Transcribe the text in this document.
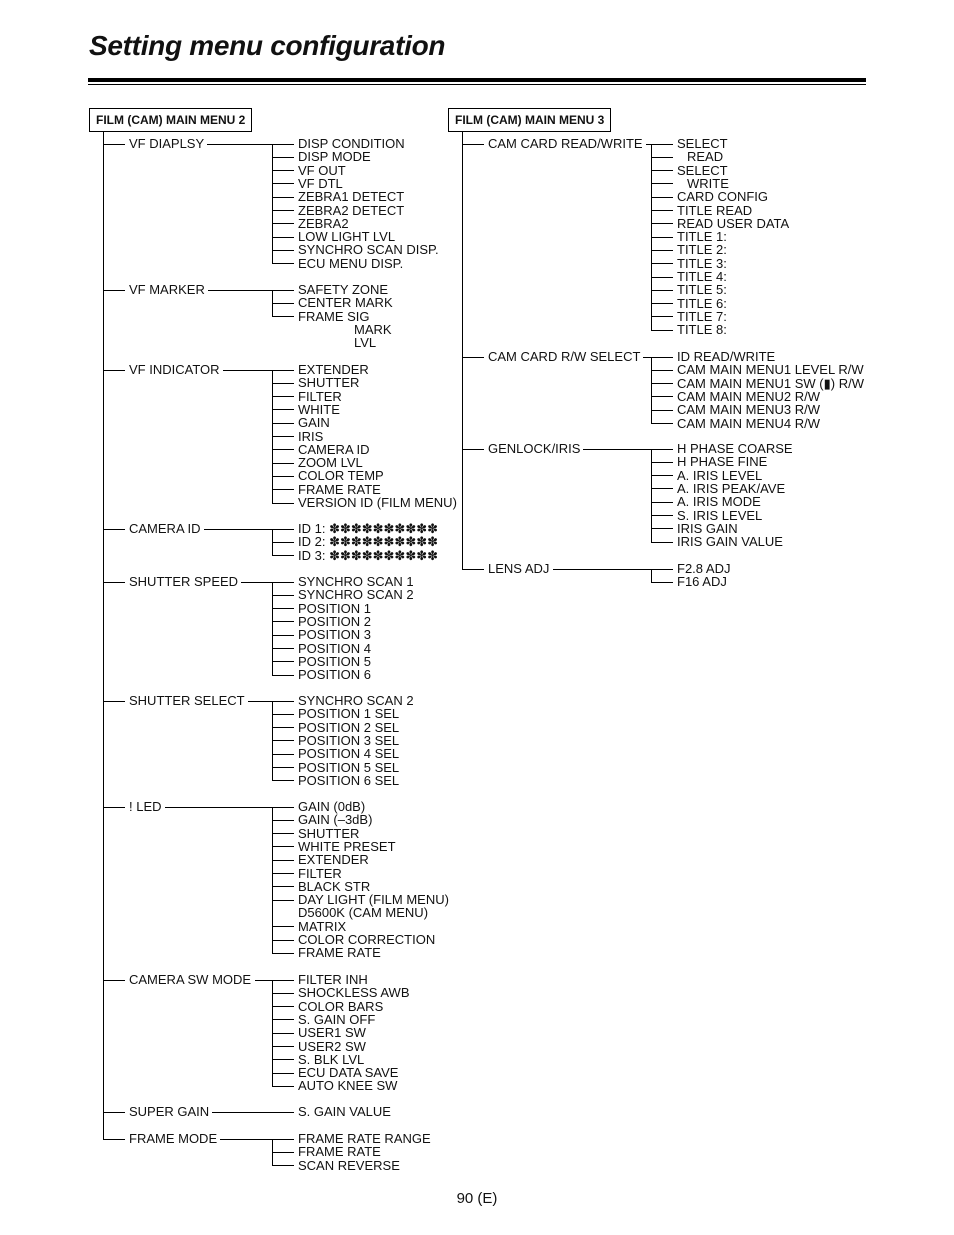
Setting menu configuration
FILM (CAM) MAIN MENU 2
VF DIAPLSY	DISP CONDITION
DISP MODE
VF OUT
VF DTL
ZEBRA1 DETECT
ZEBRA2 DETECT
ZEBRA2
LOW LIGHT LVL
SYNCHRO SCAN DISP.
ECU MENU DISP.
VF MARKER	SAFETY ZONE
CENTER MARK
FRAME SIG
MARK
LVL
VF INDICATOR	EXTENDER
SHUTTER
FILTER
WHITE
GAIN
IRIS
CAMERA ID
ZOOM LVL
COLOR TEMP
FRAME RATE
VERSION ID (FILM MENU)
CAMERA ID	ID 1: ✽✽✽✽✽✽✽✽✽✽
ID 2: ✽✽✽✽✽✽✽✽✽✽
ID 3: ✽✽✽✽✽✽✽✽✽✽
SHUTTER SPEED	SYNCHRO SCAN 1
SYNCHRO SCAN 2
POSITION 1
POSITION 2
POSITION 3
POSITION 4
POSITION 5
POSITION 6
SHUTTER SELECT	SYNCHRO SCAN 2
POSITION 1 SEL
POSITION 2 SEL
POSITION 3 SEL
POSITION 4 SEL
POSITION 5 SEL
POSITION 6 SEL
! LED	GAIN (0dB)
GAIN (–3dB)
SHUTTER
WHITE PRESET
EXTENDER
FILTER
BLACK STR
DAY LIGHT (FILM MENU)
D5600K (CAM MENU)
MATRIX
COLOR CORRECTION
FRAME RATE
CAMERA SW MODE	FILTER INH
SHOCKLESS AWB
COLOR BARS
S. GAIN OFF
USER1 SW
USER2 SW
S. BLK LVL
ECU DATA SAVE
AUTO KNEE SW
SUPER GAIN	S. GAIN VALUE
FRAME MODE	FRAME RATE RANGE
FRAME RATE
SCAN REVERSE
FILM (CAM) MAIN MENU 3
CAM CARD READ/WRITE	SELECT
READ
SELECT
WRITE
CARD CONFIG
TITLE READ
READ USER DATA
TITLE 1:
TITLE 2:
TITLE 3:
TITLE 4:
TITLE 5:
TITLE 6:
TITLE 7:
TITLE 8:
CAM CARD R/W SELECT	ID READ/WRITE
CAM MAIN MENU1 LEVEL R/W
CAM MAIN MENU1 SW (▮) R/W
CAM MAIN MENU2 R/W
CAM MAIN MENU3 R/W
CAM MAIN MENU4 R/W
GENLOCK/IRIS	H PHASE COARSE
H PHASE FINE
A. IRIS LEVEL
A. IRIS PEAK/AVE
A. IRIS MODE
S. IRIS LEVEL
IRIS GAIN
IRIS GAIN VALUE
LENS ADJ	F2.8 ADJ
F16 ADJ
90 (E)
